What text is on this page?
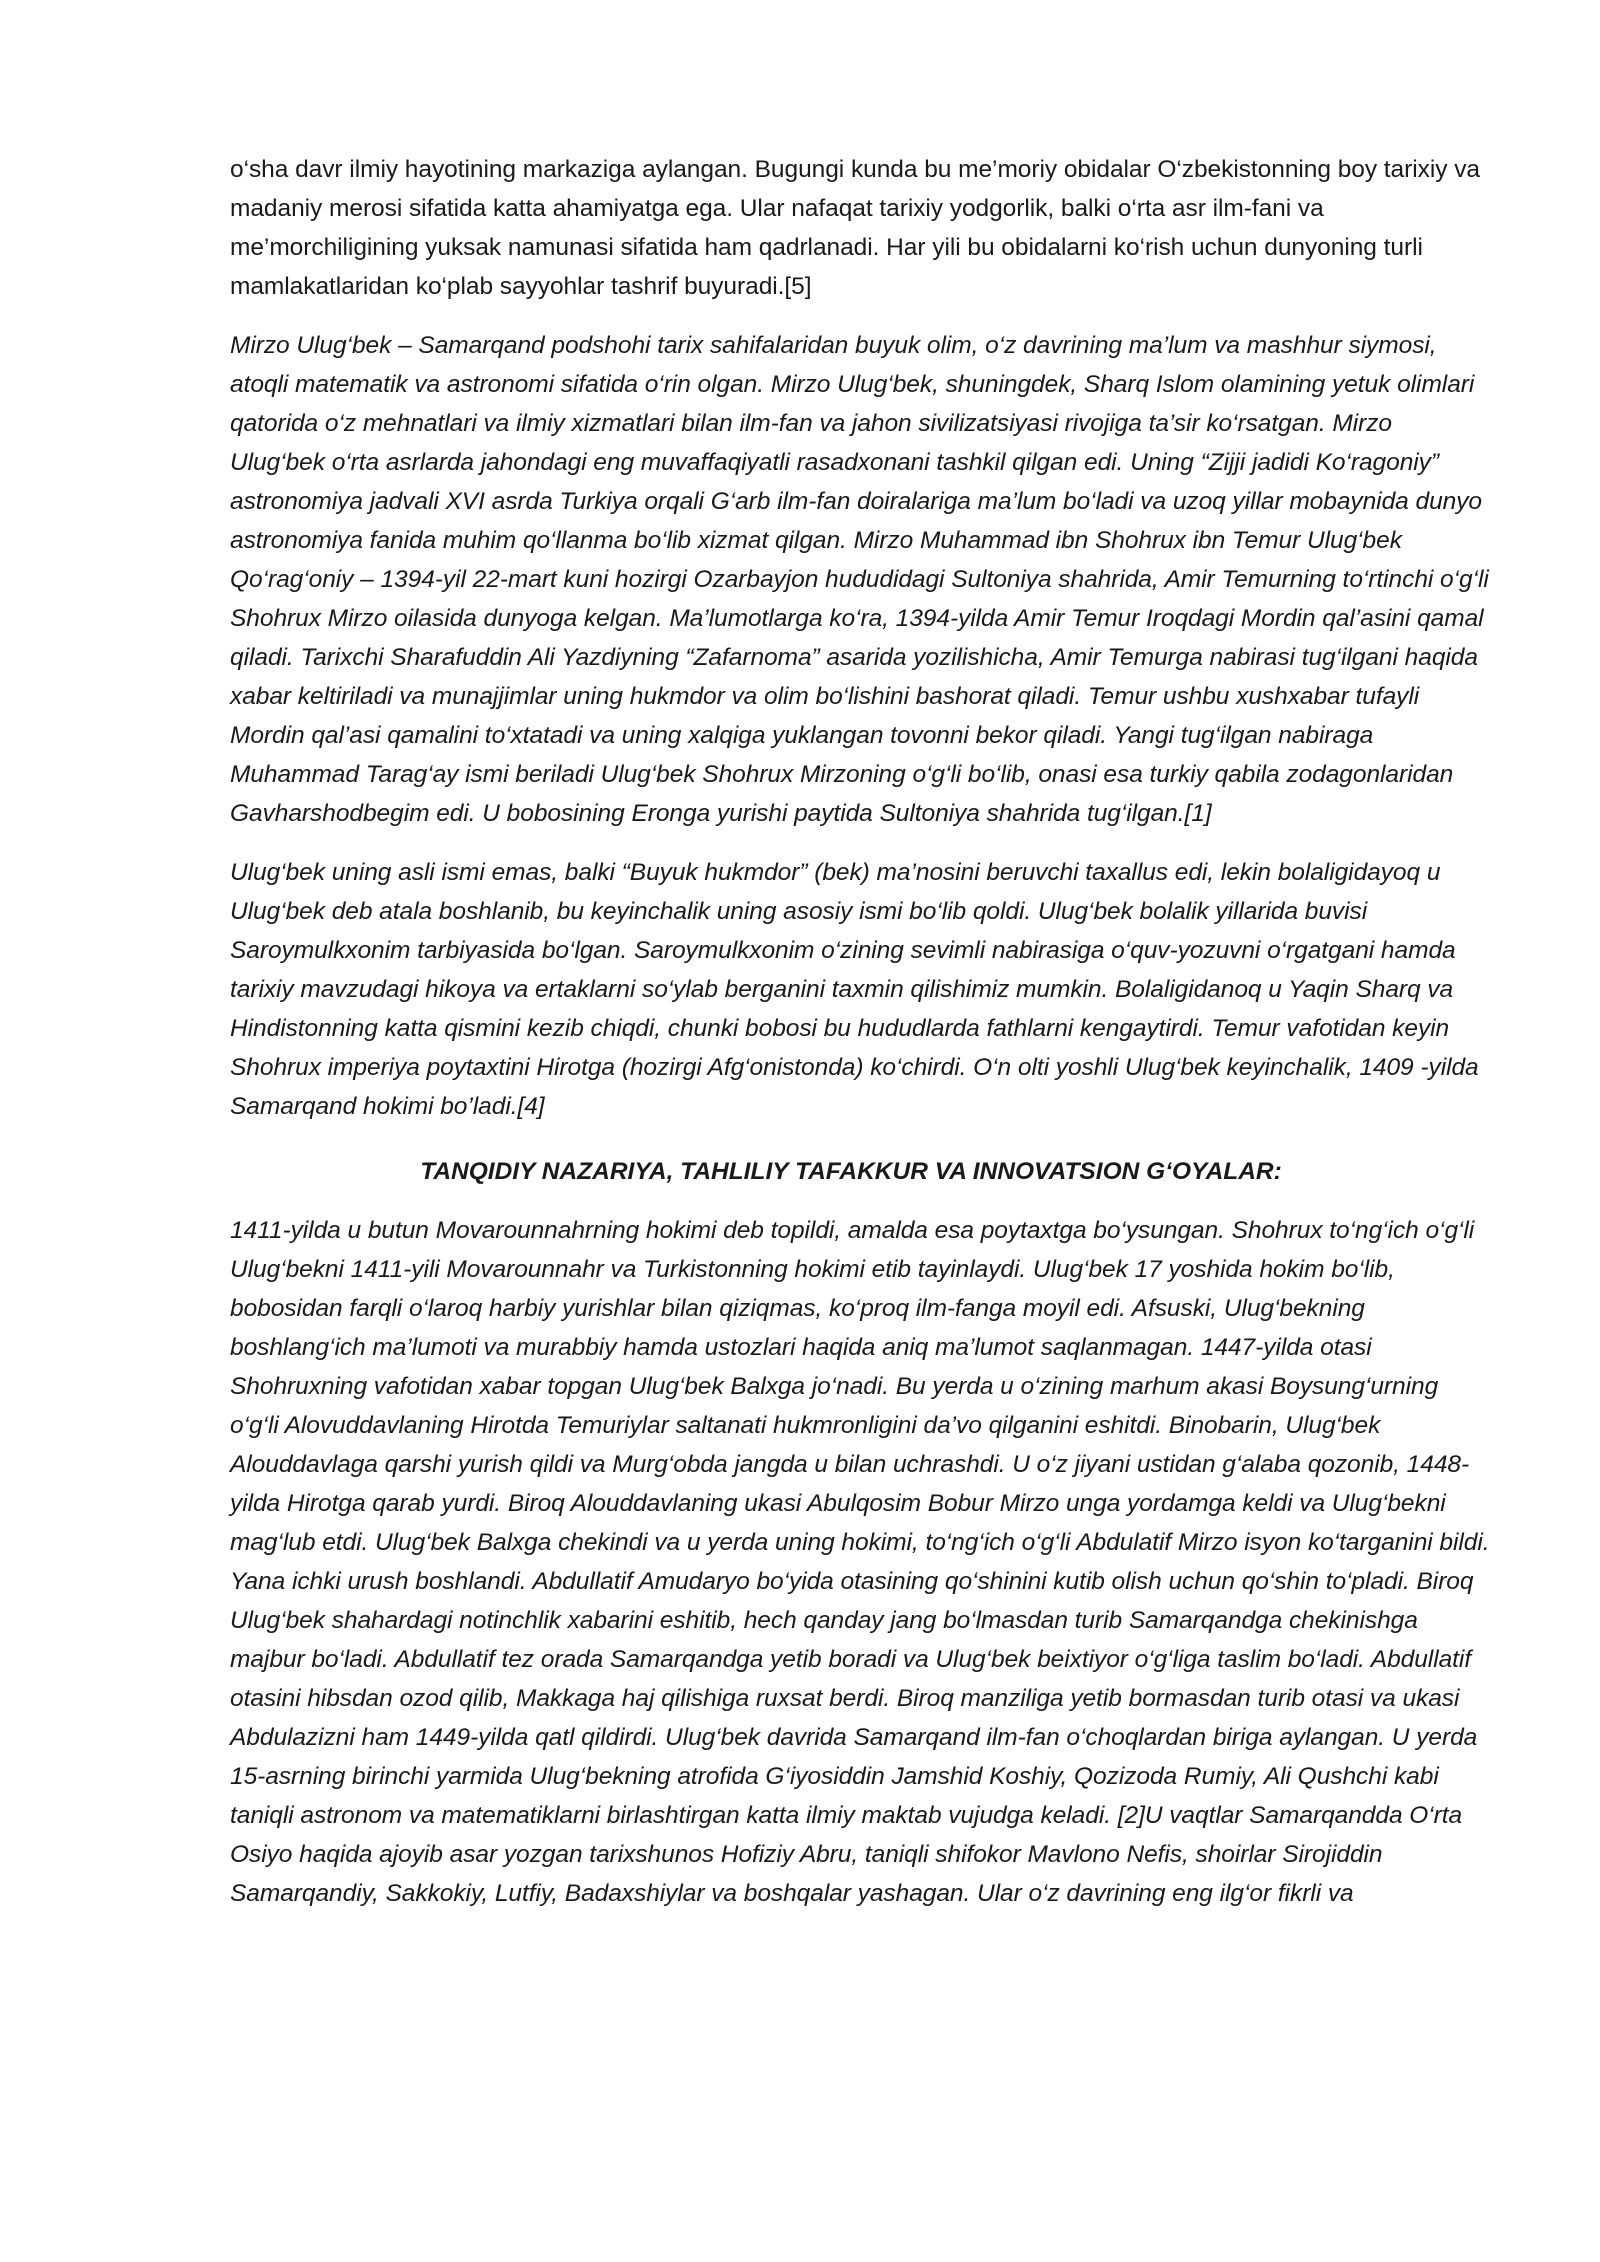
o‘sha davr ilmiy hayotining markaziga aylangan. Bugungi kunda bu me’moriy obidalar O‘zbekistonning boy tarixiy va madaniy merosi sifatida katta ahamiyatga ega. Ular nafaqat tarixiy yodgorlik, balki o‘rta asr ilm-fani va me’morchiligining yuksak namunasi sifatida ham qadrlanadi. Har yili bu obidalarni ko‘rish uchun dunyoning turli mamlakatlaridan ko‘plab sayyohlar tashrif buyuradi.[5]

Mirzo Ulug‘bek – Samarqand podshohi tarix sahifalaridan buyuk olim, o‘z davrining ma’lum va mashhur siymosi, atoqli matematik va astronomi sifatida o‘rin olgan. Mirzo Ulug‘bek, shuningdek, Sharq Islom olamining yetuk olimlari qatorida o‘z mehnatlari va ilmiy xizmatlari bilan ilm-fan va jahon sivilizatsiyasi rivojiga ta’sir ko‘rsatgan. Mirzo Ulug‘bek o‘rta asrlarda jahondagi eng muvaffaqiyatli rasadxonani tashkil qilgan edi. Uning “Zijji jadidi Ko‘ragoniy” astronomiya jadvali XVI asrda Turkiya orqali G‘arb ilm-fan doiralariga ma’lum bo‘ladi va uzoq yillar mobaynida dunyo astronomiya fanida muhim qo‘llanma bo‘lib xizmat qilgan. Mirzo Muhammad ibn Shohrux ibn Temur Ulug‘bek Qo‘rag‘oniy – 1394-yil 22-mart kuni hozirgi Ozarbayjon hududidagi Sultoniya shahrida, Amir Temurning to‘rtinchi o‘g‘li Shohrux Mirzo oilasida dunyoga kelgan. Ma’lumotlarga ko‘ra, 1394-yilda Amir Temur Iroqdagi Mordin qal’asini qamal qiladi. Tarixchi Sharafuddin Ali Yazdiyning “Zafarnoma” asarida yozilishicha, Amir Temurga nabirasi tug‘ilgani haqida xabar keltiriladi va munajjimlar uning hukmdor va olim bo‘lishini bashorat qiladi. Temur ushbu xushxabar tufayli Mordin qal’asi qamalini to‘xtatadi va uning xalqiga yuklangan tovonni bekor qiladi. Yangi tug‘ilgan nabiraga Muhammad Tarag‘ay ismi beriladi Ulug‘bek Shohrux Mirzoning o‘g‘li bo‘lib, onasi esa turkiy qabila zodagonlaridan Gavharshodbegim edi. U bobosining Eronga yurishi paytida Sultoniya shahrida tug‘ilgan.[1]

Ulug‘bek uning asli ismi emas, balki “Buyuk hukmdor” (bek) ma’nosini beruvchi taxallus edi, lekin bolaligidayoq u Ulug‘bek deb atala boshlanib, bu keyinchalik uning asosiy ismi bo‘lib qoldi. Ulug‘bek bolalik yillarida buvisi Saroymulkxonim tarbiyasida bo‘lgan. Saroymulkxonim o‘zining sevimli nabirasiga o‘quv-yozuvni o‘rgatgani hamda tarixiy mavzudagi hikoya va ertaklarni so‘ylab berganini taxmin qilishimiz mumkin. Bolaligidanoq u Yaqin Sharq va Hindistonning katta qismini kezib chiqdi, chunki bobosi bu hududlarda fathlarni kengaytirdi. Temur vafotidan keyin Shohrux imperiya poytaxtini Hirotga (hozirgi Afg‘onistonda) ko‘chirdi. O‘n olti yoshli Ulug‘bek keyinchalik, 1409 -yilda Samarqand hokimi bo’ladi.[4]

TANQIDIY NAZARIYA, TAHLILIY TAFAKKUR VA INNOVATSION G‘OYALAR:

1411-yilda u butun Movarounnahrning hokimi deb topildi, amalda esa poytaxtga bo‘ysungan. Shohrux to‘ng‘ich o‘g‘li Ulug‘bekni 1411-yili Movarounnahr va Turkistonning hokimi etib tayinlaydi. Ulug‘bek 17 yoshida hokim bo‘lib, bobosidan farqli o‘laroq harbiy yurishlar bilan qiziqmas, ko‘proq ilm-fanga moyil edi. Afsuski, Ulug‘bekning boshlang‘ich ma’lumoti va murabbiy hamda ustozlari haqida aniq ma’lumot saqlanmagan. 1447-yilda otasi Shohruxning vafotidan xabar topgan Ulug‘bek Balxga jo‘nadi. Bu yerda u o‘zining marhum akasi Boysung‘urning o‘g‘li Alovuddavlaning Hirotda Temuriylar saltanati hukmronligini da’vo qilganini eshitdi. Binobarin, Ulug‘bek Alouddavlaga qarshi yurish qildi va Murg‘obda jangda u bilan uchrashdi. U o‘z jiyani ustidan g‘alaba qozonib, 1448-yilda Hirotga qarab yurdi. Biroq Alouddavlaning ukasi Abulqosim Bobur Mirzo unga yordamga keldi va Ulug‘bekni mag‘lub etdi. Ulug‘bek Balxga chekindi va u yerda uning hokimi, to‘ng‘ich o‘g‘li Abdulatif Mirzo isyon ko‘targanini bildi. Yana ichki urush boshlandi. Abdullatif Amudaryo bo‘yida otasining qo‘shinini kutib olish uchun qo‘shin to‘pladi. Biroq Ulug‘bek shahardagi notinchlik xabarini eshitib, hech qanday jang bo‘lmasdan turib Samarqandga chekinishga majbur bo‘ladi. Abdullatif tez orada Samarqandga yetib boradi va Ulug‘bek beixtiyor o‘g‘liga taslim bo‘ladi. Abdullatif otasini hibsdan ozod qilib, Makkaga haj qilishiga ruxsat berdi. Biroq manziliga yetib bormasdan turib otasi va ukasi Abdulazizni ham 1449-yilda qatl qildirdi. Ulug‘bek davrida Samarqand ilm-fan o‘choqlardan biriga aylangan. U yerda 15-asrning birinchi yarmida Ulug‘bekning atrofida G‘iyosiddin Jamshid Koshiy, Qozizoda Rumiy, Ali Qushchi kabi taniqli astronom va matematiklarni birlashtirgan katta ilmiy maktab vujudga keladi. [2]U vaqtlar Samarqandda O‘rta Osiyo haqida ajoyib asar yozgan tarixshunos Hofiziy Abru, taniqli shifokor Mavlono Nefis, shoirlar Sirojiddin Samarqandiy, Sakkokiy, Lutfiy, Badaxshiylar va boshqalar yashagan. Ular o‘z davrining eng ilg‘or fikrli va
